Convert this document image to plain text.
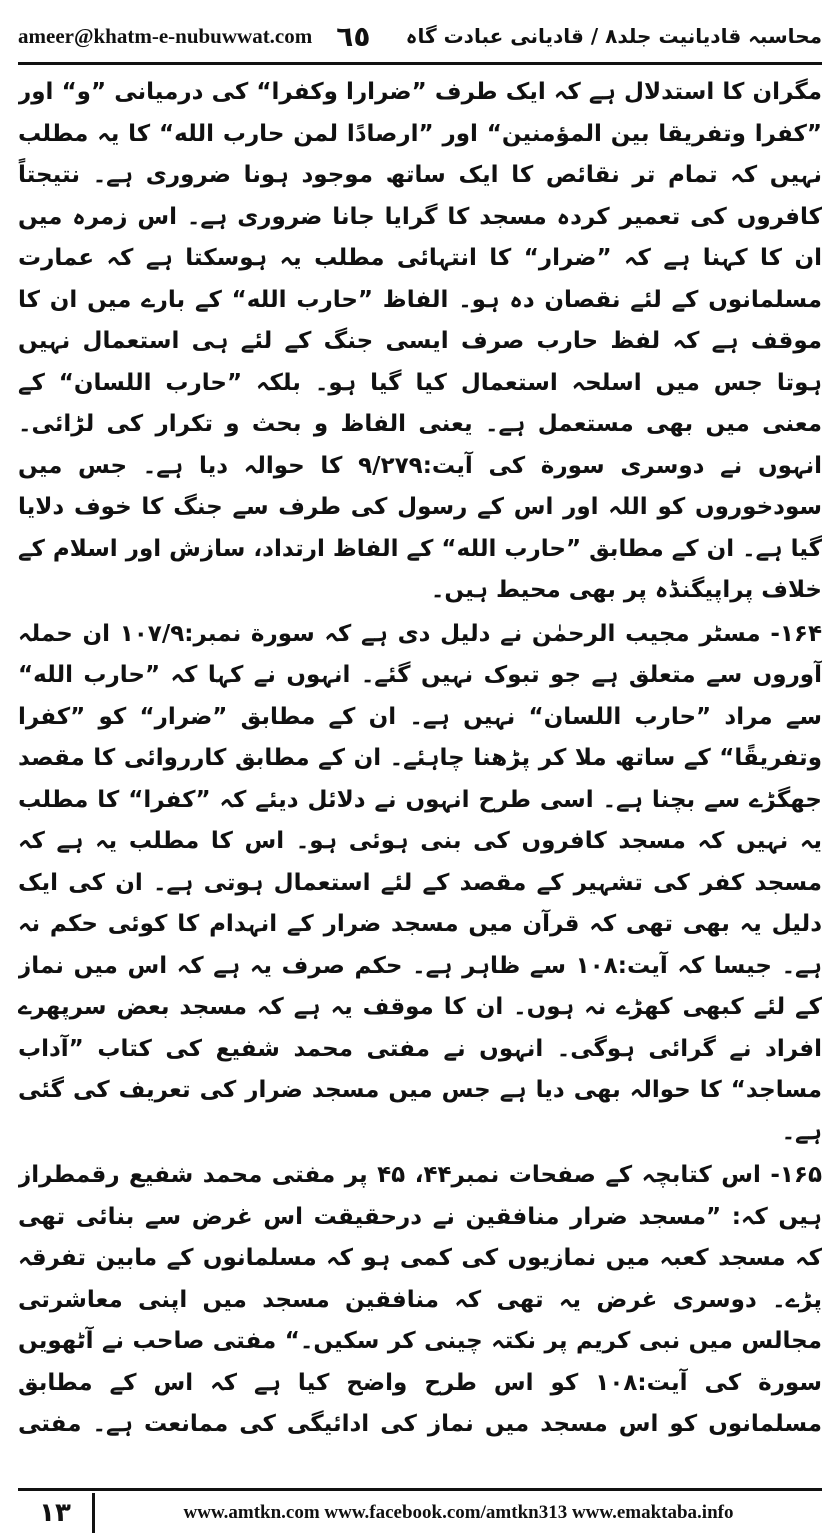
ameer@khatm-e-nubuwwat.com ٦٥ محاسبہ قادیانیت جلد۸ / قادیانی عبادت گاہ

مگران کا استدلال ہے کہ ایک طرف ”ضرارا وکفرا“ کی درمیانی ”و“ اور ”کفرا وتفریقا بین المؤمنین“ اور ”ارصادًا لمن حارب الله“ کا یہ مطلب نہیں کہ تمام تر نقائص کا ایک ساتھ موجود ہونا ضروری ہے۔ نتیجتاً کافروں کی تعمیر کردہ مسجد کا گرایا جانا ضروری ہے۔ اس زمرہ میں ان کا کہنا ہے کہ ”ضرار“ کا انتہائی مطلب یہ ہوسکتا ہے کہ عمارت مسلمانوں کے لئے نقصان دہ ہو۔ الفاظ ”حارب الله“ کے بارے میں ان کا موقف ہے کہ لفظ حارب صرف ایسی جنگ کے لئے ہی استعمال نہیں ہوتا جس میں اسلحہ استعمال کیا گیا ہو۔ بلکہ ”حارب اللسان“ کے معنی میں بھی مستعمل ہے۔ یعنی الفاظ و بحث و تکرار کی لڑائی۔ انہوں نے دوسری سورة کی آیت:۹/۲۷۹ کا حوالہ دیا ہے۔ جس میں سودخوروں کو اللہ اور اس کے رسول کی طرف سے جنگ کا خوف دلایا گیا ہے۔ ان کے مطابق ”حارب الله“ کے الفاظ ارتداد، سازش اور اسلام کے خلاف پراپیگنڈہ پر بھی محیط ہیں۔

۱۶۴- مسٹر مجیب الرحمٰن نے دلیل دی ہے کہ سورة نمبر:۱۰۷/۹ ان حملہ آوروں سے متعلق ہے جو تبوک نہیں گئے۔ انہوں نے کہا کہ ”حارب الله“ سے مراد ”حارب اللسان“ نہیں ہے۔ ان کے مطابق ”ضرار“ کو ”کفرا وتفریقًا“ کے ساتھ ملا کر پڑھنا چاہئے۔ ان کے مطابق کارروائی کا مقصد جھگڑے سے بچنا ہے۔ اسی طرح انہوں نے دلائل دیئے کہ ”کفرا“ کا مطلب یہ نہیں کہ مسجد کافروں کی بنی ہوئی ہو۔ اس کا مطلب یہ ہے کہ مسجد کفر کی تشہیر کے مقصد کے لئے استعمال ہوتی ہے۔ ان کی ایک دلیل یہ بھی تھی کہ قرآن میں مسجد ضرار کے انہدام کا کوئی حکم نہ ہے۔ جیسا کہ آیت:۱۰۸ سے ظاہر ہے۔ حکم صرف یہ ہے کہ اس میں نماز کے لئے کبھی کھڑے نہ ہوں۔ ان کا موقف یہ ہے کہ مسجد بعض سرپھرے افراد نے گرائی ہوگی۔ انہوں نے مفتی محمد شفیع کی کتاب ”آداب مساجد“ کا حوالہ بھی دیا ہے جس میں مسجد ضرار کی تعریف کی گئی ہے۔

۱۶۵- اس کتابچہ کے صفحات نمبر۴۴، ۴۵ پر مفتی محمد شفیع رقمطراز ہیں کہ: ”مسجد ضرار منافقین نے درحقیقت اس غرض سے بنائی تھی کہ مسجد کعبہ میں نمازیوں کی کمی ہو کہ مسلمانوں کے مابین تفرقہ پڑے۔ دوسری غرض یہ تھی کہ منافقین مسجد میں اپنی معاشرتی مجالس میں نبی کریم پر نکتہ چینی کر سکیں۔“ مفتی صاحب نے آٹھویں سورة کی آیت:۱۰۸ کو اس طرح واضح کیا ہے کہ اس کے مطابق مسلمانوں کو اس مسجد میں نماز کی ادائیگی کی ممانعت ہے۔ مفتی

۱۳	www.amtkn.com www.facebook.com/amtkn313 www.emaktaba.info
